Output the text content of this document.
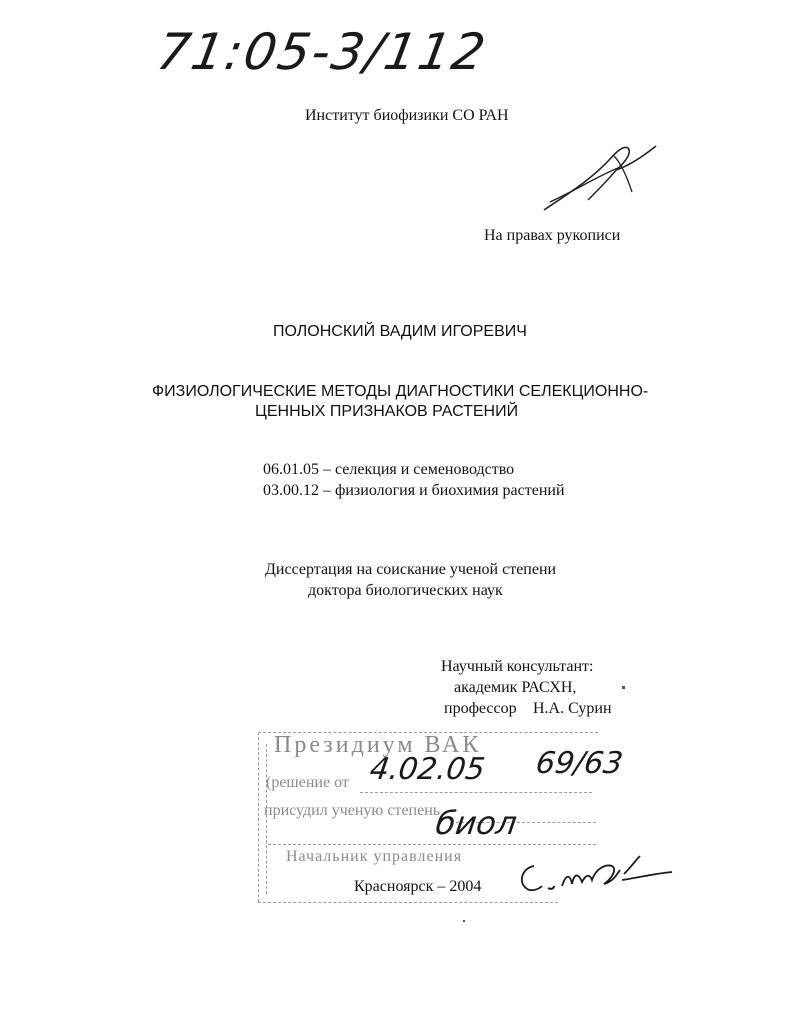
71:05-3/112
Институт биофизики СО РАН
На правах рукописи
ПОЛОНСКИЙ ВАДИМ ИГОРЕВИЧ
ФИЗИОЛОГИЧЕСКИЕ МЕТОДЫ ДИАГНОСТИКИ СЕЛЕКЦИОННО-
ЦЕННЫХ ПРИЗНАКОВ РАСТЕНИЙ
06.01.05 – селекция и семеноводство
03.00.12 – физиология и биохимия растений
Диссертация на соискание ученой степени
доктора биологических наук
Научный консультант:
академик РАСХН,
профессор Н.А. Сурин
Президиум ВАК
(решение от
присудил ученую степень
Начальник управления
4.02.05 69/63
биол
Красноярск – 2004
